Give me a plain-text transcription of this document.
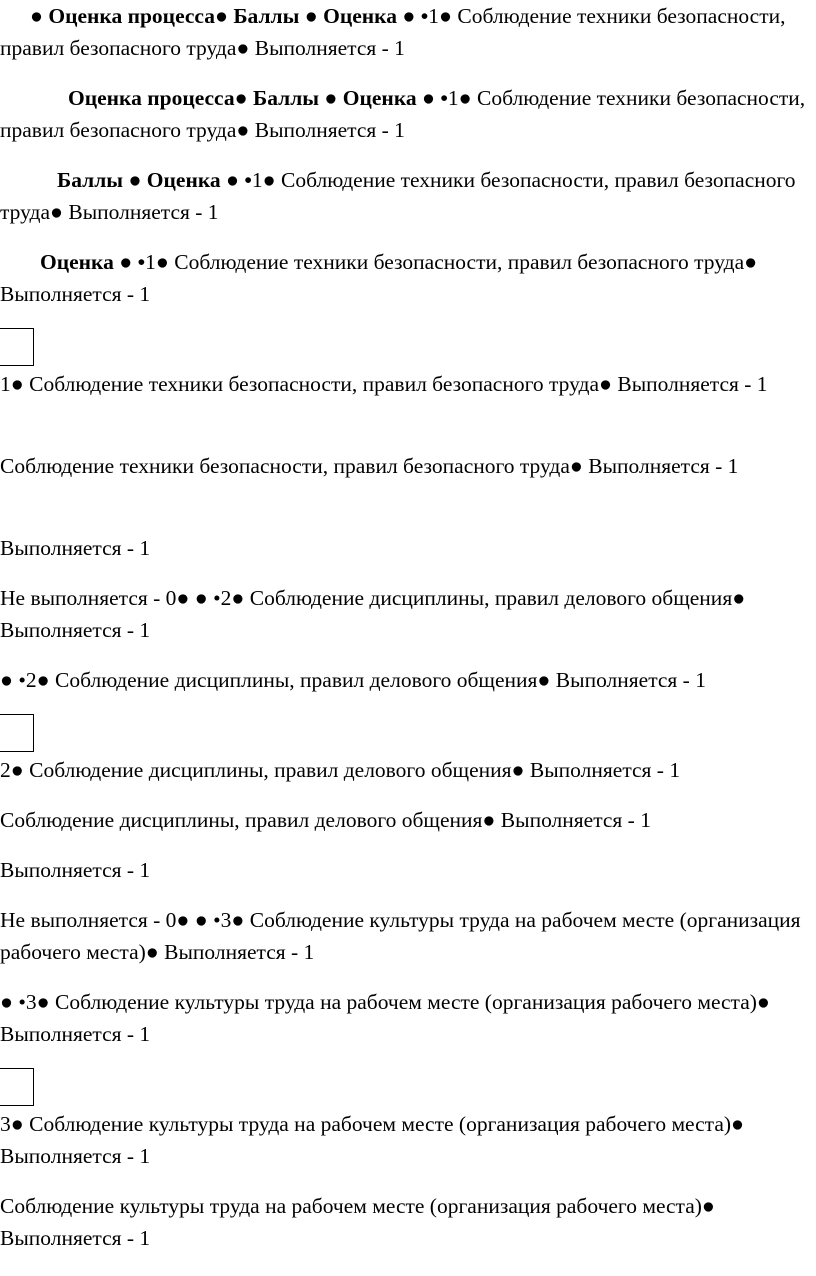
● Оценка процесса● Баллы ● Оценка ● •1● Соблюдение техники безопасности, правил безопасного труда● Выполняется - 1

Оценка процесса● Баллы ● Оценка ● •1● Соблюдение техники безопасности, правил безопасного труда● Выполняется - 1

Баллы ● Оценка ● •1● Соблюдение техники безопасности, правил безопасного труда● Выполняется - 1

Оценка ● •1● Соблюдение техники безопасности, правил безопасного труда● Выполняется - 1

1● Соблюдение техники безопасности, правил безопасного труда● Выполняется - 1

Соблюдение техники безопасности, правил безопасного труда● Выполняется - 1

Выполняется - 1

Не выполняется - 0● ● •2● Соблюдение дисциплины, правил делового общения● Выполняется - 1

● •2● Соблюдение дисциплины, правил делового общения● Выполняется - 1

2● Соблюдение дисциплины, правил делового общения● Выполняется - 1

Соблюдение дисциплины, правил делового общения● Выполняется - 1

Выполняется - 1

Не выполняется - 0● ● •3● Соблюдение культуры труда на рабочем месте (организация рабочего места)● Выполняется - 1

● •3● Соблюдение культуры труда на рабочем месте (организация рабочего места)● Выполняется - 1

3● Соблюдение культуры труда на рабочем месте (организация рабочего места)● Выполняется - 1

Соблюдение культуры труда на рабочем месте (организация рабочего места)● Выполняется - 1
